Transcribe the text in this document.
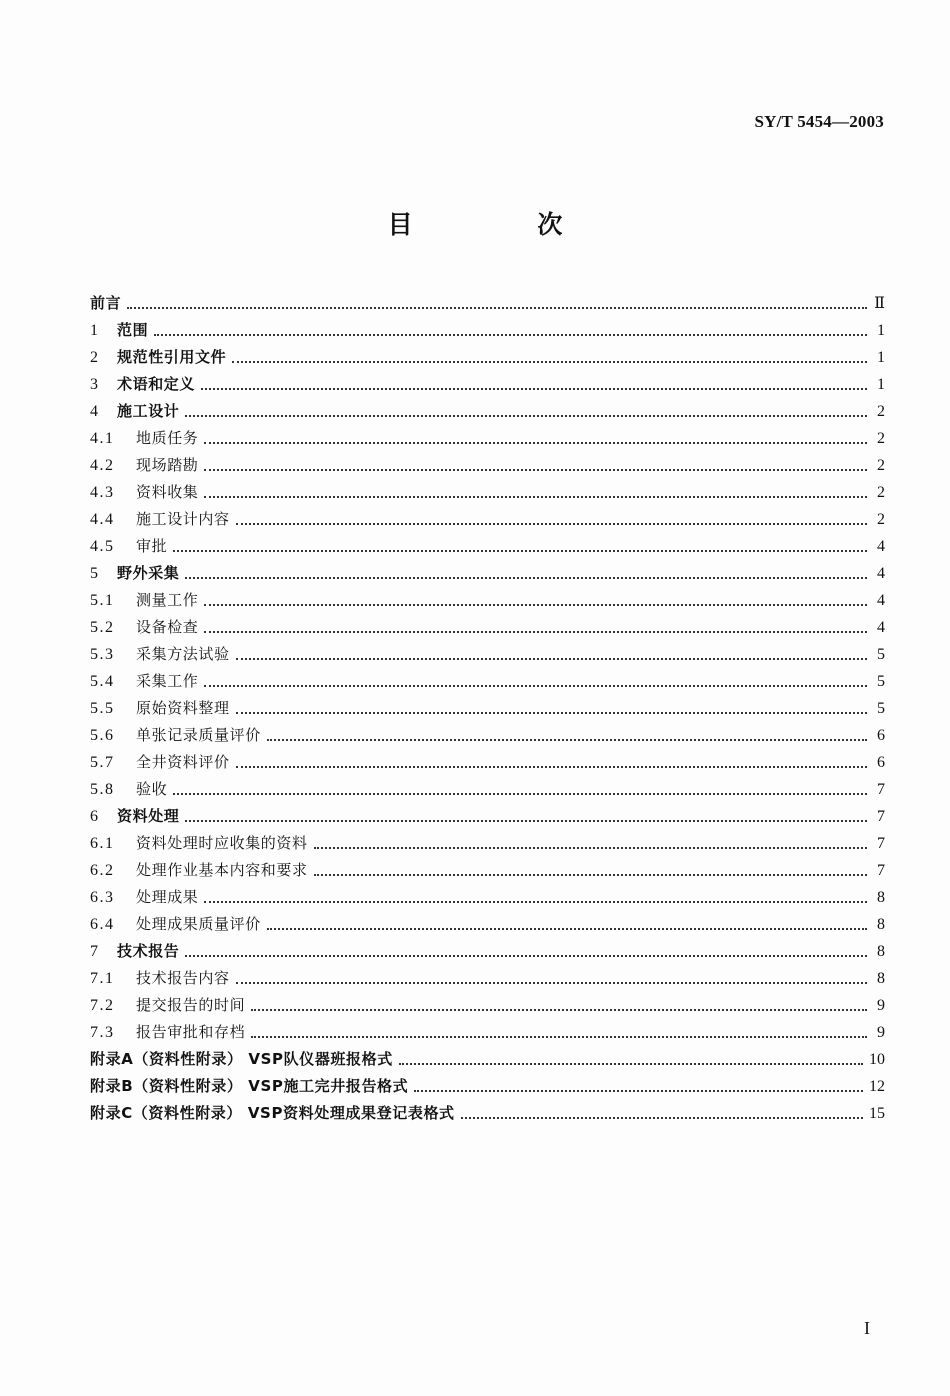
SY/T 5454—2003
目 次
前言	Ⅱ
1	范围	1
2	规范性引用文件	1
3	术语和定义	1
4	施工设计	2
4.1	地质任务	2
4.2	现场踏勘	2
4.3	资料收集	2
4.4	施工设计内容	2
4.5	审批	4
5	野外采集	4
5.1	测量工作	4
5.2	设备检查	4
5.3	采集方法试验	5
5.4	采集工作	5
5.5	原始资料整理	5
5.6	单张记录质量评价	6
5.7	全井资料评价	6
5.8	验收	7
6	资料处理	7
6.1	资料处理时应收集的资料	7
6.2	处理作业基本内容和要求	7
6.3	处理成果	8
6.4	处理成果质量评价	8
7	技术报告	8
7.1	技术报告内容	8
7.2	提交报告的时间	9
7.3	报告审批和存档	9
附录A（资料性附录） VSP队仪器班报格式	10
附录B（资料性附录） VSP施工完井报告格式	12
附录C（资料性附录） VSP资料处理成果登记表格式	15
I
